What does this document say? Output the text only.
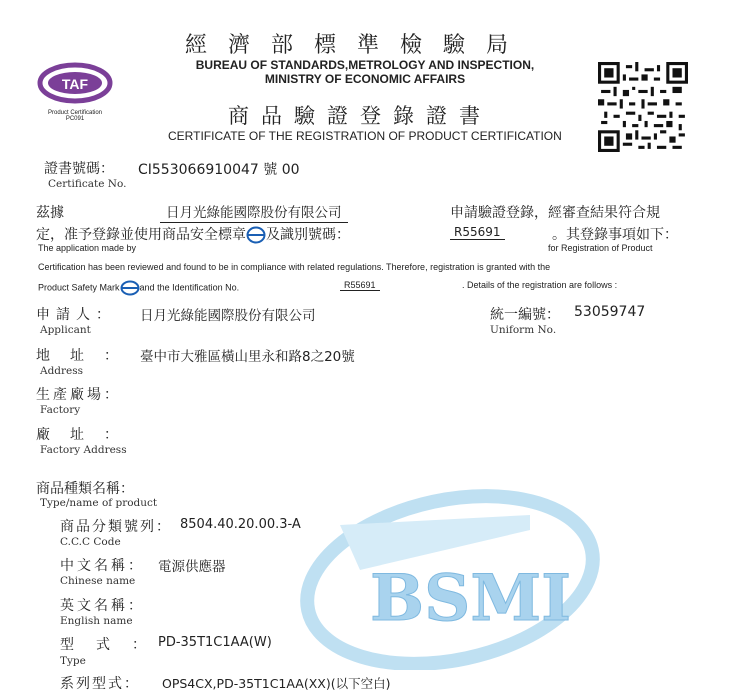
BSMI
經濟部標準檢驗局
BUREAU OF STANDARDS,METROLOGY AND INSPECTION,
MINISTRY OF ECONOMIC AFFAIRS
TAF
Product Certification
PC091	商品驗證登錄證書
CERTIFICATE OF THE REGISTRATION OF PRODUCT CERTIFICATION
證書號碼： CI553066910047 號 00
Certificate No.
茲據	日月光綠能國際股份有限公司	申請驗證登錄，經審查結果符合規
定，准予登錄並使用商品安全標章 及識別號碼：	R55691	。其登錄事項如下：
The application made by	for Registration of Product
Certification has been reviewed and found to be in compliance with related regulations. Therefore, registration is granted with the
Product Safety Mark and the Identification No.	R55691	. Details of the registration are follows :
申請人： 日月光綠能國際股份有限公司
Applicant
統一編號： 53059747
Uniform No.
地址： 臺中市大雅區橫山里永和路8之20號
Address
生產廠場：
Factory
廠址：
Factory Address
商品種類名稱：
Type/name of product
商品分類號列： 8504.40.20.00.3-A
C.C.C Code
中文名稱： 電源供應器
Chinese name
英文名稱：
English name
型式：
PD-35T1C1AA(W)
Type
系列型式： OPS4CX,PD-35T1C1AA(XX)(以下空白)
